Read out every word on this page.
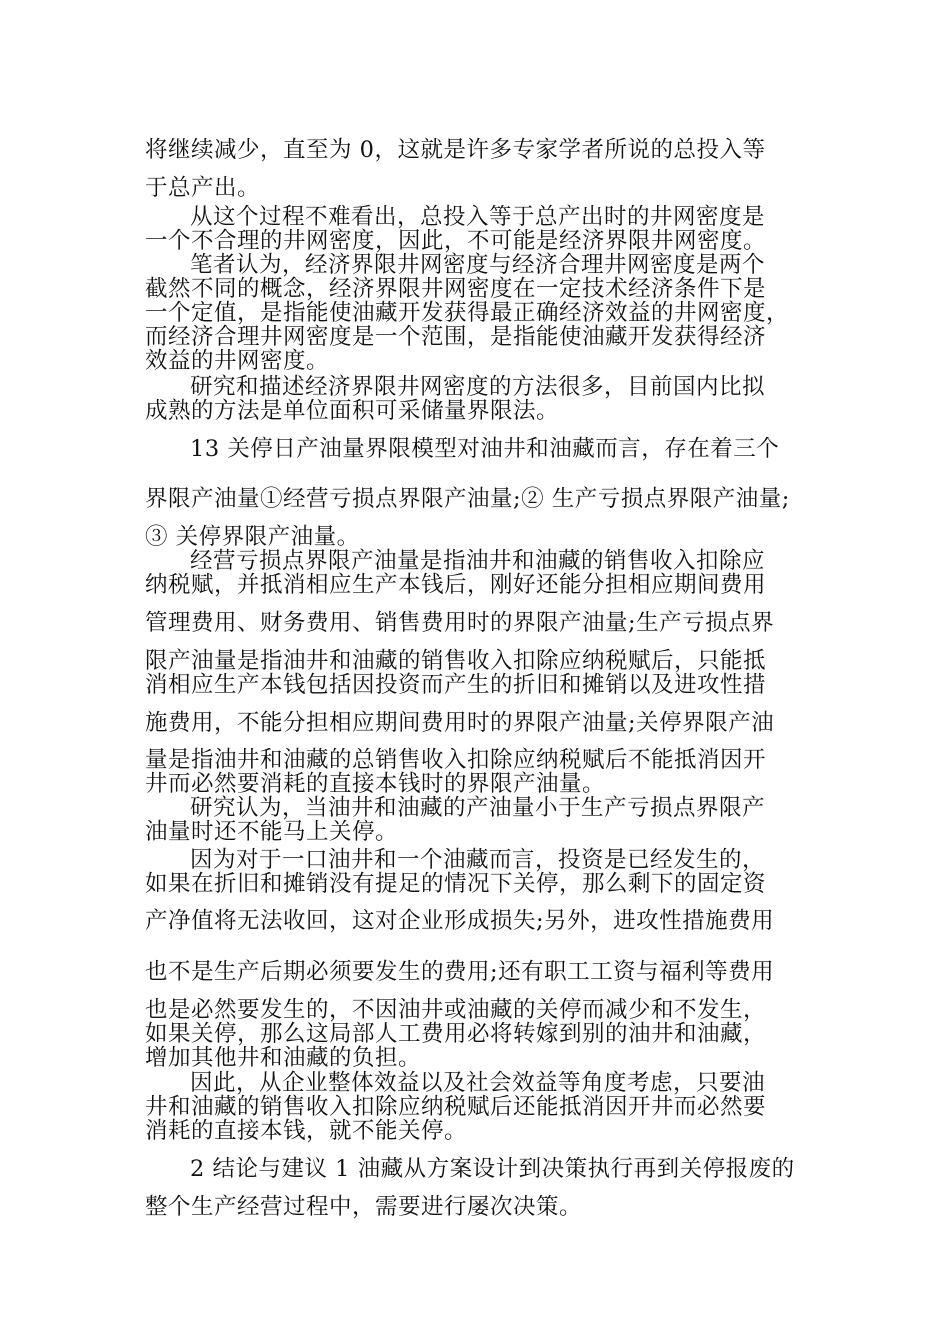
将继续减少，直至为 0，这就是许多专家学者所说的总投入等
于总产出。
从这个过程不难看出，总投入等于总产出时的井网密度是
一个不合理的井网密度，因此，不可能是经济界限井网密度。
笔者认为，经济界限井网密度与经济合理井网密度是两个
截然不同的概念，经济界限井网密度在一定技术经济条件下是
一个定值，是指能使油藏开发获得最正确经济效益的井网密度，
而经济合理井网密度是一个范围，是指能使油藏开发获得经济
效益的井网密度。
研究和描述经济界限井网密度的方法很多，目前国内比拟
成熟的方法是单位面积可采储量界限法。
13 关停日产油量界限模型对油井和油藏而言，存在着三个
界限产油量①经营亏损点界限产油量;② 生产亏损点界限产油量;
③ 关停界限产油量。
经营亏损点界限产油量是指油井和油藏的销售收入扣除应
纳税赋，并抵消相应生产本钱后，刚好还能分担相应期间费用
管理费用、财务费用、销售费用时的界限产油量;生产亏损点界
限产油量是指油井和油藏的销售收入扣除应纳税赋后，只能抵
消相应生产本钱包括因投资而产生的折旧和摊销以及进攻性措
施费用，不能分担相应期间费用时的界限产油量;关停界限产油
量是指油井和油藏的总销售收入扣除应纳税赋后不能抵消因开
井而必然要消耗的直接本钱时的界限产油量。
研究认为，当油井和油藏的产油量小于生产亏损点界限产
油量时还不能马上关停。
因为对于一口油井和一个油藏而言，投资是已经发生的，
如果在折旧和摊销没有提足的情况下关停，那么剩下的固定资
产净值将无法收回，这对企业形成损失;另外，进攻性措施费用
也不是生产后期必须要发生的费用;还有职工工资与福利等费用
也是必然要发生的，不因油井或油藏的关停而减少和不发生，
如果关停，那么这局部人工费用必将转嫁到别的油井和油藏，
增加其他井和油藏的负担。
因此，从企业整体效益以及社会效益等角度考虑，只要油
井和油藏的销售收入扣除应纳税赋后还能抵消因开井而必然要
消耗的直接本钱，就不能关停。
2 结论与建议 1 油藏从方案设计到决策执行再到关停报废的
整个生产经营过程中，需要进行屡次决策。
